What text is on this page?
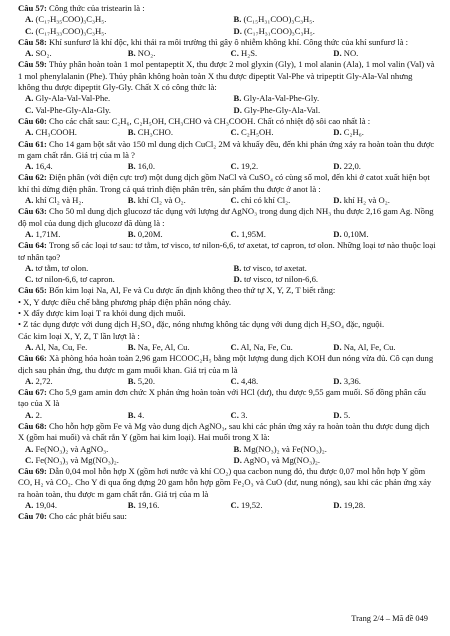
Câu 57: Công thức của tristearin là :

A. (C₁₇H₃₅COO)₃C₃H₅.	B. (C₁₅H₃₁COO)₃C₃H₅.
C. (C₁₇H₃₃COO)₃C₃H₅.	D. (C₁₇H₃₁COO)₃C₃H₅.

Câu 58: Khí sunfurơ là khí độc, khi thải ra môi trường thì gây ô nhiễm không khí. Công thức của khí sunfurơ là :

A. SO₂.	B. NO₂.	C. H₂S.	D. NO.

Câu 59: Thủy phân hoàn toàn 1 mol pentapeptit X, thu được 2 mol glyxin (Gly), 1 mol alanin (Ala), 1 mol valin (Val) và 1 mol phenylalanin (Phe). Thủy phân không hoàn toàn X thu được đipeptit Val-Phe và tripeptit Gly-Ala-Val nhưng không thu được đipeptit Gly-Gly. Chất X có công thức là:

A. Gly-Ala-Val-Val-Phe.	B. Gly-Ala-Val-Phe-Gly.
C. Val-Phe-Gly-Ala-Gly.	D. Gly-Phe-Gly-Ala-Val.

Câu 60: Cho các chất sau: C₂H₆, C₂H₅OH, CH₃CHO và CH₃COOH. Chất có nhiệt độ sôi cao nhất là :

A. CH₃COOH.	B. CH₃CHO.	C. C₂H₅OH.	D. C₂H₆.

Câu 61: Cho 14 gam bột sắt vào 150 ml dung dịch CuCl₂ 2M và khuấy đều, đến khi phản ứng xảy ra hoàn toàn thu được m gam chất rắn. Giá trị của m là ?

A. 16,4.	B. 16,0.	C. 19,2.	D. 22,0.

Câu 62: Điện phân (với điện cực trơ) một dung dịch gồm NaCl và CuSO₄ có cùng số mol, đến khi ở catot xuất hiện bọt khí thì dừng điện phân. Trong cả quá trình điện phân trên, sản phẩm thu được ở anot là :

A. khí Cl₂ và H₂.	B. khí Cl₂ và O₂.	C. chỉ có khí Cl₂.	D. khí H₂ và O₂.

Câu 63: Cho 50 ml dung dịch glucozơ tác dụng với lượng dư AgNO₃ trong dung dịch NH₃ thu được 2,16 gam Ag. Nồng độ mol của dung dịch glucozơ đã dùng là :

A. 1,71M.	B. 0,20M.	C. 1,95M.	D. 0,10M.

Câu 64: Trong số các loại tơ sau: tơ tằm, tơ visco, tơ nilon-6,6, tơ axetat, tơ capron, tơ olon. Những loại tơ nào thuộc loại tơ nhân tạo?

A. tơ tằm, tơ olon.	B. tơ visco, tơ axetat.
C. tơ nilon-6,6, tơ capron.	D. tơ visco, tơ nilon-6,6.

Câu 65: Bốn kim loại Na, Al, Fe và Cu được ấn định không theo thứ tự X, Y, Z, T biết rằng:

• X, Y được điều chế bằng phương pháp điện phân nóng chảy.

• X đẩy được kim loại T ra khỏi dung dịch muối.

• Z tác dụng được với dung dịch H₂SO₄ đặc, nóng nhưng không tác dụng với dung dịch H₂SO₄ đặc, nguội.

Các kim loại X, Y, Z, T lần lượt là :

A. Al, Na, Cu, Fe.	B. Na, Fe, Al, Cu.	C. Al, Na, Fe, Cu.	D. Na, Al, Fe, Cu.

Câu 66: Xà phòng hóa hoàn toàn 2,96 gam HCOOC₂H₅ bằng một lượng dung dịch KOH đun nóng vừa đủ. Cô cạn dung dịch sau phản ứng, thu được m gam muối khan. Giá trị của m là

A. 2,72.	B. 5,20.	C. 4,48.	D. 3,36.

Câu 67: Cho 5,9 gam amin đơn chức X phản ứng hoàn toàn với HCl (dư), thu được 9,55 gam muối. Số đồng phân cấu tạo của X là

A. 2.	B. 4.	C. 3.	D. 5.

Câu 68: Cho hỗn hợp gồm Fe và Mg vào dung dịch AgNO₃, sau khi các phản ứng xảy ra hoàn toàn thu được dung dịch X (gồm hai muối) và chất rắn Y (gồm hai kim loại). Hai muối trong X là:

A. Fe(NO₃)₂ và AgNO₃.	B. Mg(NO₃)₂ và Fe(NO₃)₂.
C. Fe(NO₃)₃ và Mg(NO₃)₂.	D. AgNO₃ và Mg(NO₃)₂.

Câu 69: Dẫn 0,04 mol hỗn hợp X (gồm hơi nước và khí CO₂) qua cacbon nung đỏ, thu được 0,07 mol hỗn hợp Y gồm CO, H₂ và CO₂. Cho Y đi qua ống đựng 20 gam hỗn hợp gồm Fe₂O₃ và CuO (dư, nung nóng), sau khi các phản ứng xảy ra hoàn toàn, thu được m gam chất rắn. Giá trị của m là

A. 19,04.	B. 19,16.	C. 19,52.	D. 19,28.

Câu 70: Cho các phát biểu sau:

Trang 2/4 – Mã đề 049
